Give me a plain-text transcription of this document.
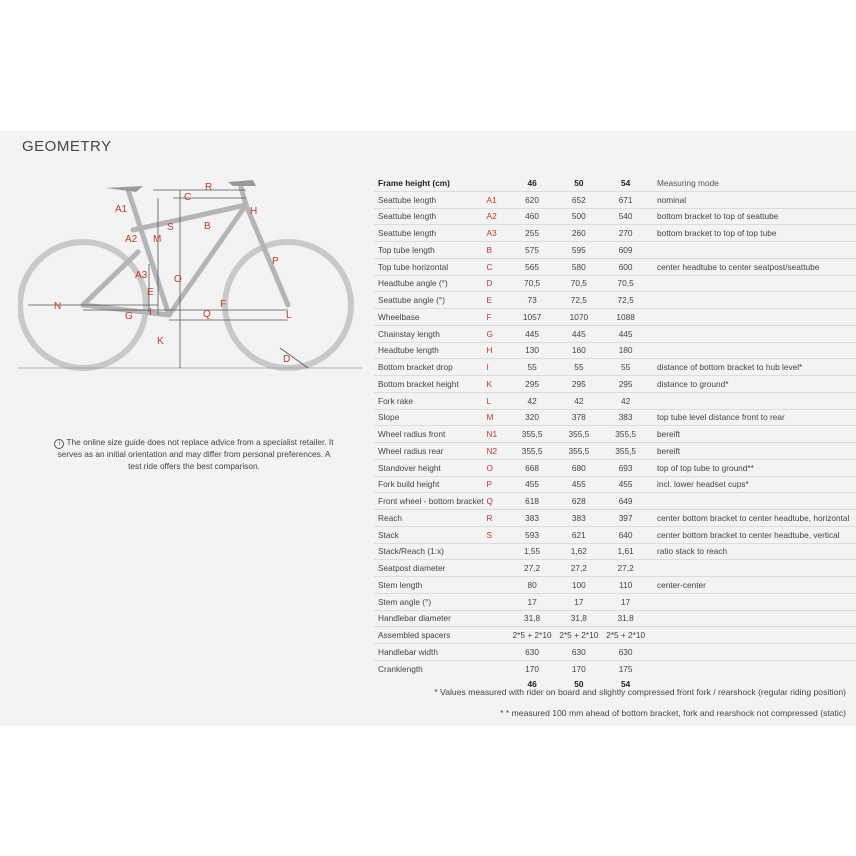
GEOMETRY
A1
A2
A3
R
C
H
B
S
M
O
P
E
F
N
G I	Q	L
K
D
i The online size guide does not replace advice from a specialist retailer. It serves as an initial orientation and may differ from personal preferences. A test ride offers the best comparison.
Frame height (cm)		46	50	54	Measuring mode
Seattube length	A1	620	652	671	nominal
Seattube length	A2	460	500	540	bottom bracket to top of seattube
Seattube length	A3	255	260	270	bottom bracket to top of top tube
Top tube length	B	575	595	609	
Top tube horizontal	C	565	580	600	center headtube to center seatpost/seattube
Headtube angle (°)	D	70,5	70,5	70,5	
Seattube angle (°)	E	73	72,5	72,5	
Wheelbase	F	1057	1070	1088	
Chainstay length	G	445	445	445	
Headtube length	H	130	160	180	
Bottom bracket drop	I	55	55	55	distance of bottom bracket to hub level*
Bottom bracket height	K	295	295	295	distance to ground*
Fork rake	L	42	42	42	
Slope	M	320	378	383	top tube level distance front to rear
Wheel radius front	N1	355,5	355,5	355,5	bereift
Wheel radius rear	N2	355,5	355,5	355,5	bereift
Standover height	O	668	680	693	top of top tube to ground**
Fork build height	P	455	455	455	incl. lower headset cups*
Front wheel - bottom bracket	Q	618	628	649	
Reach	R	383	383	397	center bottom bracket to center headtube, horizontal
Stack	S	593	621	640	center bottom bracket to center headtube, vertical
Stack/Reach (1:x)		1,55	1,62	1,61	ratio stack to reach
Seatpost diameter		27,2	27,2	27,2	
Stem length		80	100	110	center-center
Stem angle (°)		17	17	17	
Handlebar diameter		31,8	31,8	31,8	
Assembled spacers		2*5 + 2*10	2*5 + 2*10	2*5 + 2*10	
Handlebar width		630	630	630	
Cranklength		170	170	175	
		46	50	54	
* Values measured with rider on board and slightly compressed front fork / rearshock (regular riding position)
* * measured 100 mm ahead of bottom bracket, fork and rearshock not compressed (static)
